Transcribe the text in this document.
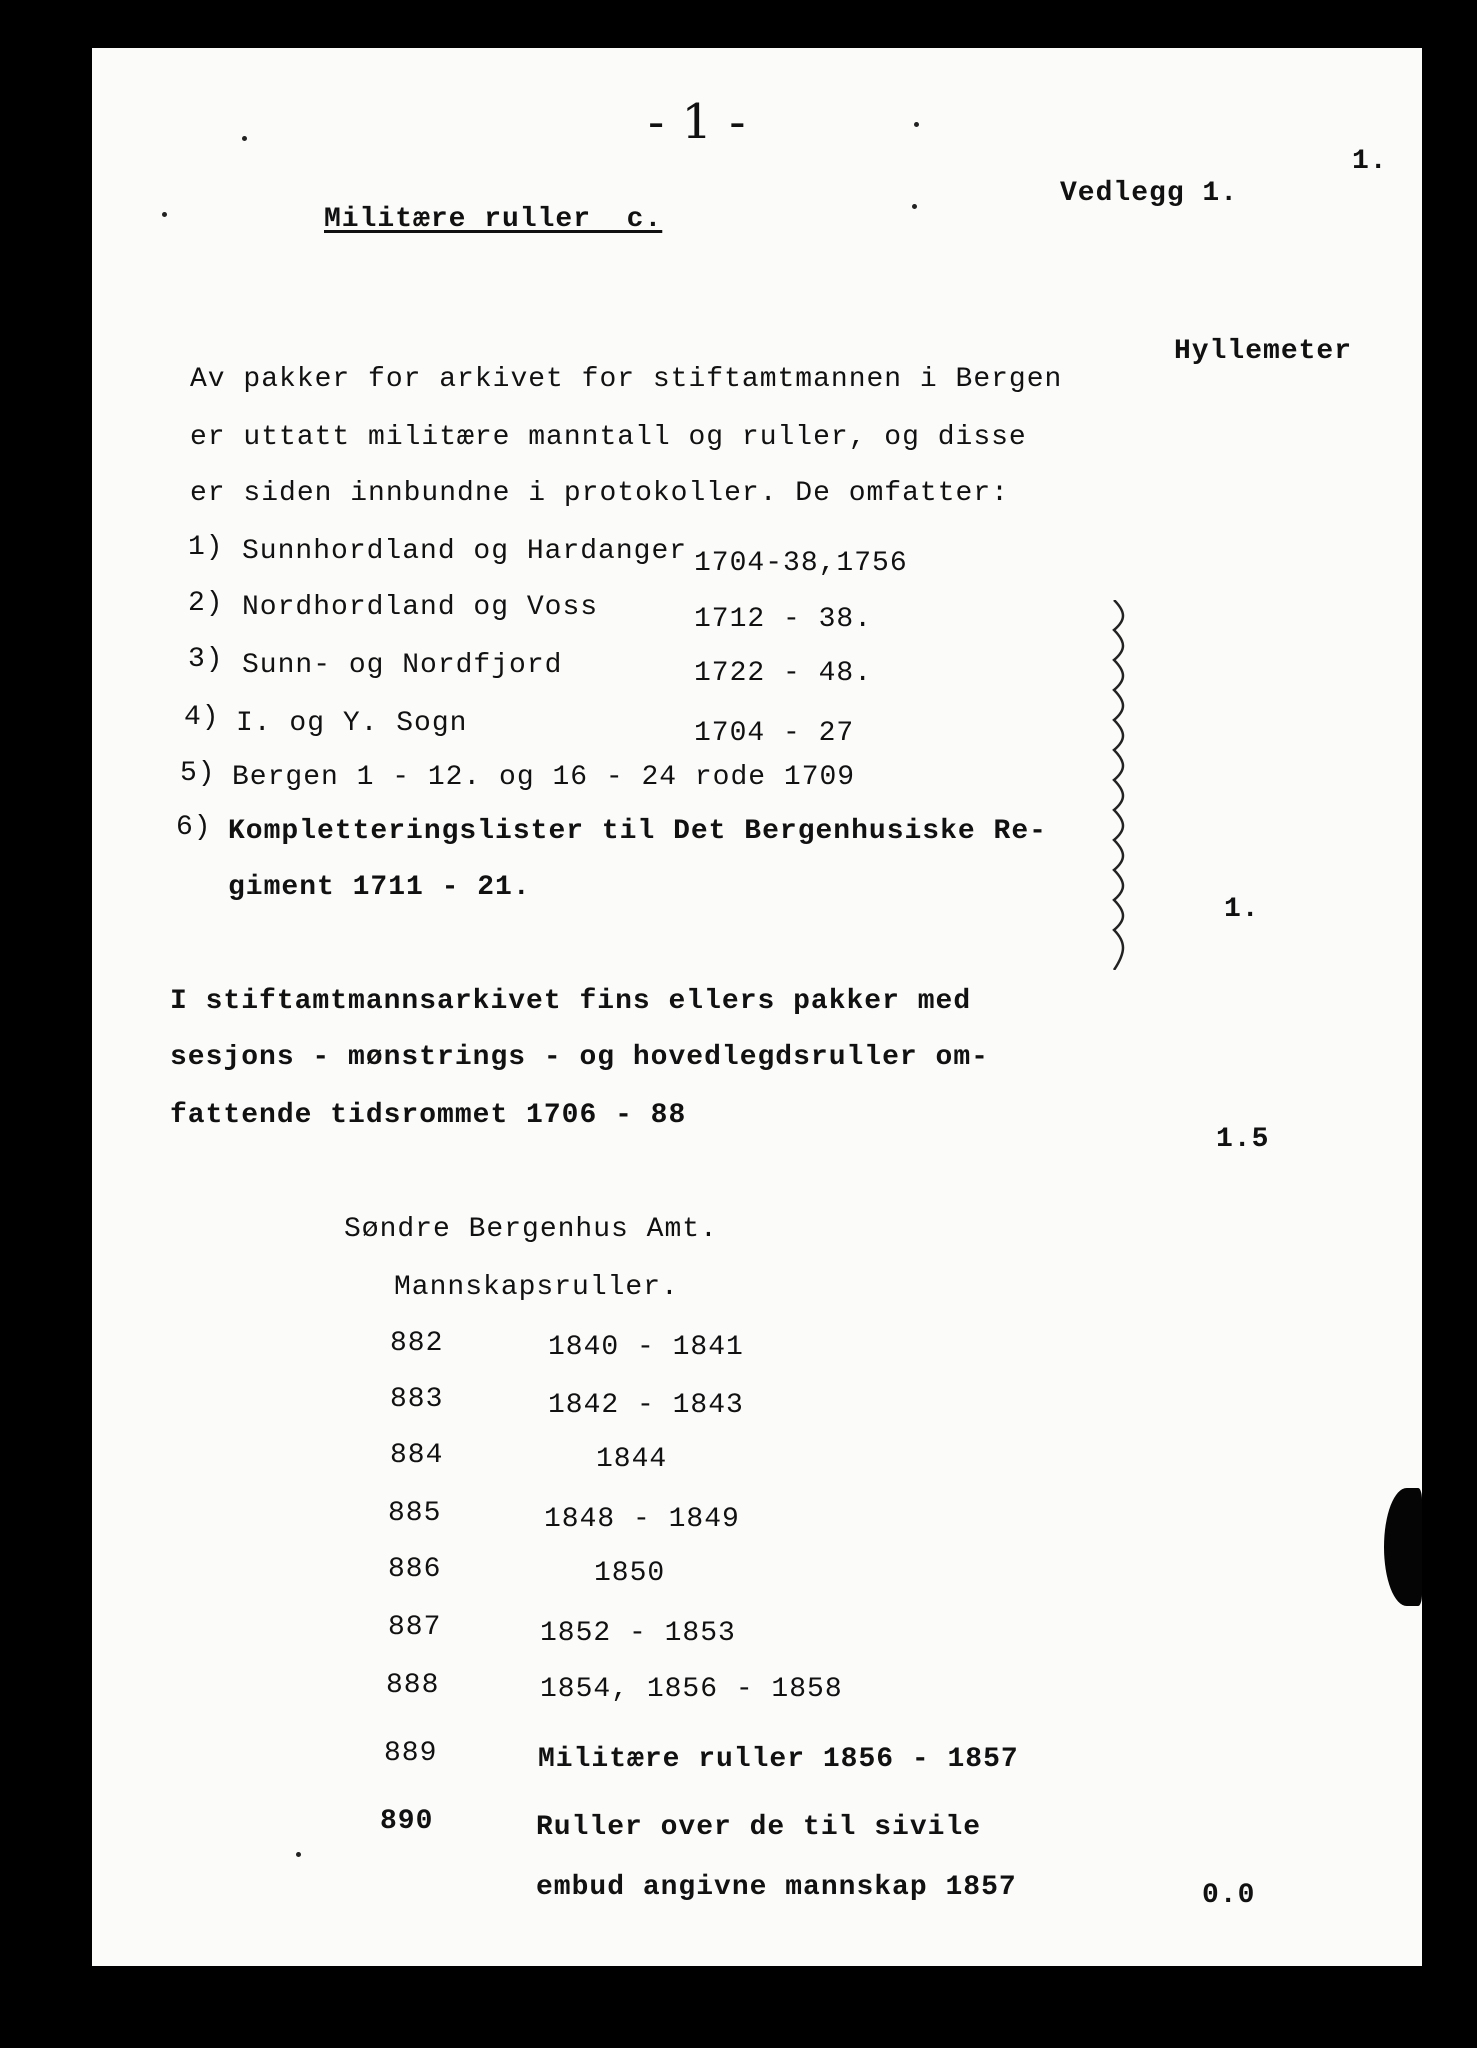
- 1 -
1.
Vedlegg 1.
Militære ruller  c.
Hyllemeter
Av pakker for arkivet for stiftamtmannen i Bergen
er uttatt militære manntall og ruller, og disse
er siden innbundne i protokoller. De omfatter:
1) Sunnhordland og Hardanger 1704-38,1756
2) Nordhordland og Voss	1712 - 38.
3) Sunn- og Nordfjord	1722 - 48.
4) I. og Y. Sogn	1704 - 27
5) Bergen 1 - 12. og 16 - 24 rode 1709
6) Kompletteringslister til Det Bergenhusiske Re-
giment 1711 - 21.
1.
I stiftamtmannsarkivet fins ellers pakker med
sesjons - mønstrings - og hovedlegdsruller om-
fattende tidsrommet 1706 - 88
1.5
Søndre Bergenhus Amt.
Mannskapsruller.
882	1840 - 1841
883	1842 - 1843
884	1844
885	1848 - 1849
886	1850
887	1852 - 1853
888	1854, 1856 - 1858
889	Militære ruller 1856 - 1857
890	Ruller over de til sivile
embud angivne mannskap 1857	0.0
